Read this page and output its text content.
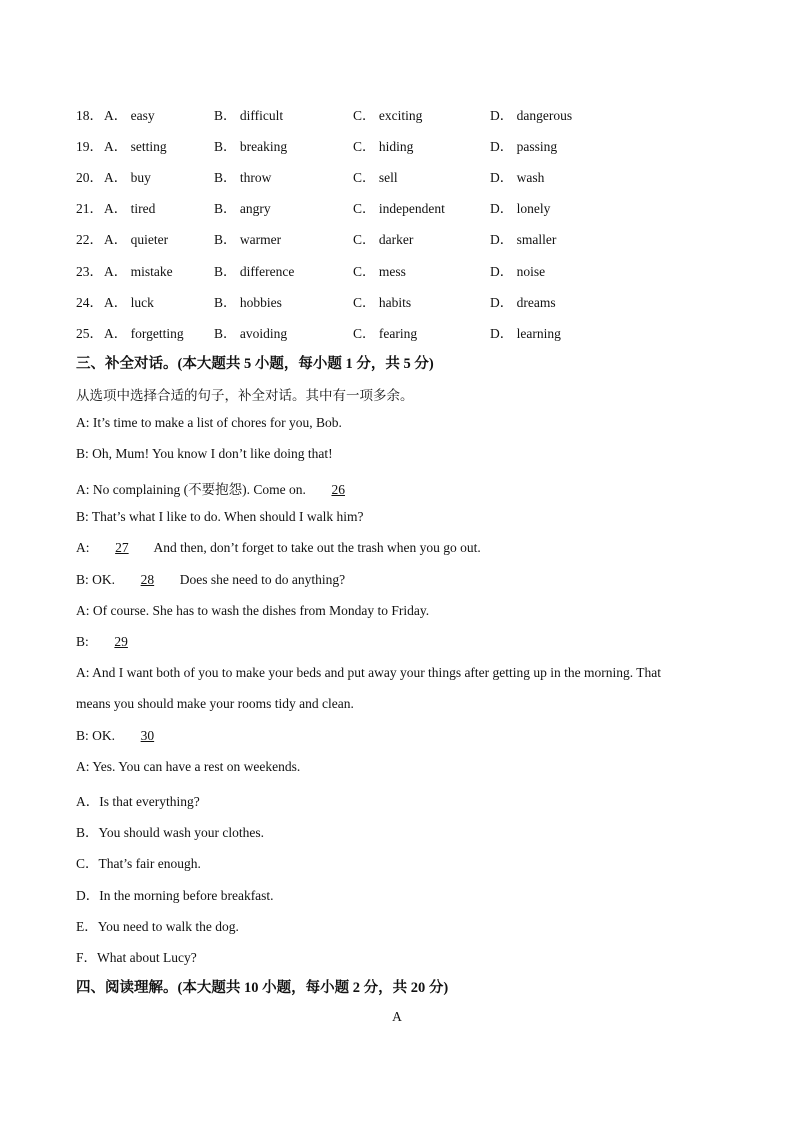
18． A． easy	B． difficult	C． exciting	D． dangerous
19． A． setting	B． breaking	C． hiding	D． passing
20． A． buy	B． throw	C． sell	D． wash
21． A． tired	B． angry	C． independent	D． lonely
22． A． quieter	B． warmer	C． darker	D． smaller
23． A． mistake	B． difference	C． mess	D． noise
24． A． luck	B． hobbies	C． habits	D． dreams
25． A． forgetting B． avoiding	C． fearing	D． learning
三、补全对话。(本大题共 5 小题，每小题 1 分，共 5 分)
从选项中选择合适的句子，补全对话。其中有一项多余。
A: It’s time to make a list of chores for you, Bob.
B: Oh, Mum! You know I don’t like doing that!
A: No complaining (不要抱怨). Come on. 26
B: That’s what I like to do. When should I walk him?
A: 27 And then, don’t forget to take out the trash when you go out.
B: OK. 28 Does she need to do anything?
A: Of course. She has to wash the dishes from Monday to Friday.
B: 29
A: And I want both of you to make your beds and put away your things after getting up in the morning. That
means you should make your rooms tidy and clean.
B: OK. 30
A: Yes. You can have a rest on weekends.
A．Is that everything?
B．You should wash your clothes.
C．That’s fair enough.
D．In the morning before breakfast.
E．You need to walk the dog.
F．What about Lucy?
四、阅读理解。(本大题共 10 小题，每小题 2 分，共 20 分)
A
